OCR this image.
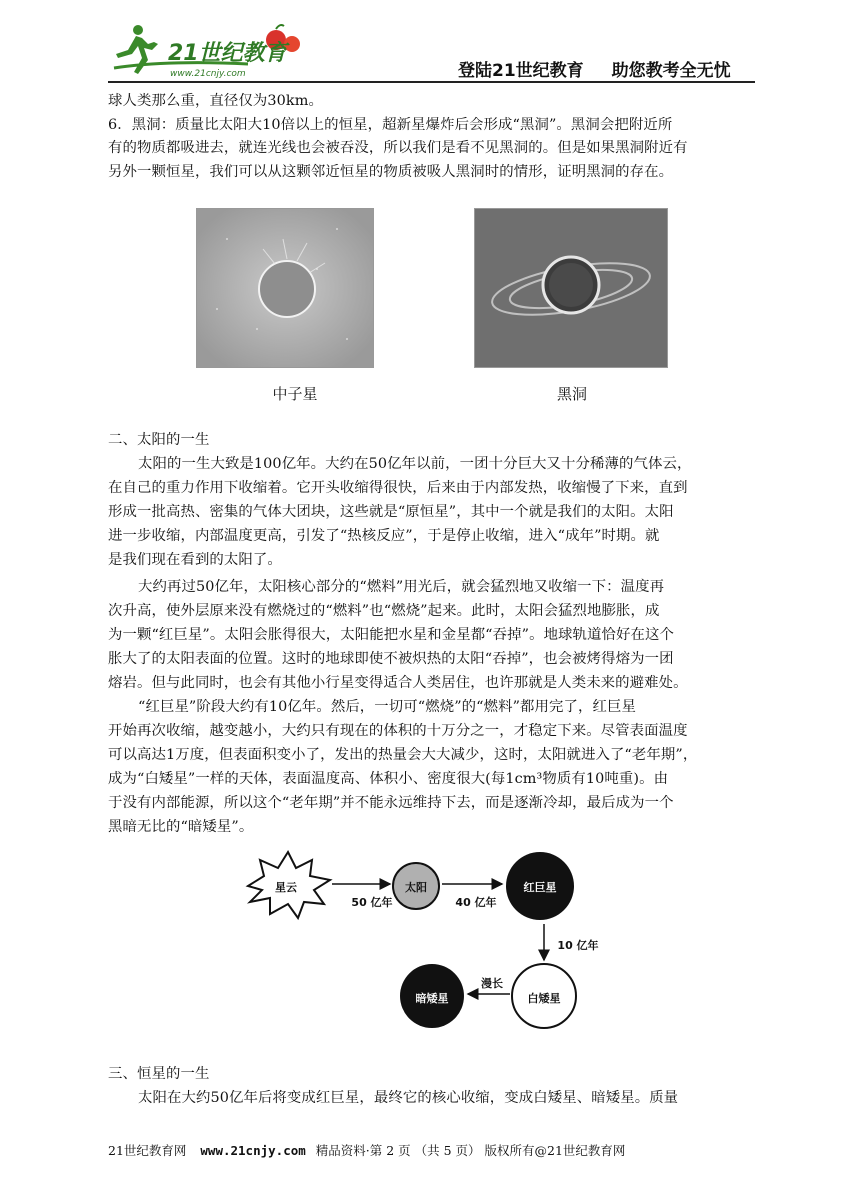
21世纪教育
www.21cnjy.com	登陆21世纪教育 助您教考全无忧
球人类那么重，直径仅为30km。
6．黑洞：质量比太阳大10倍以上的恒星，超新星爆炸后会形成“黑洞”。黑洞会把附近所
有的物质都吸进去，就连光线也会被吞没，所以我们是看不见黑洞的。但是如果黑洞附近有
另外一颗恒星，我们可以从这颗邻近恒星的物质被吸人黑洞时的情形，证明黑洞的存在。
中子星	黑洞
二、太阳的一生
太阳的一生大致是100亿年。大约在50亿年以前，一团十分巨大又十分稀薄的气体云，
在自己的重力作用下收缩着。它开头收缩得很快，后来由于内部发热，收缩慢了下来，直到
形成一批高热、密集的气体大团块，这些就是“原恒星”，其中一个就是我们的太阳。太阳
进一步收缩，内部温度更高，引发了“热核反应”，于是停止收缩，进入“成年”时期。就
是我们现在看到的太阳了。
大约再过50亿年，太阳核心部分的“燃料”用光后，就会猛烈地又收缩一下：温度再
次升高，使外层原来没有燃烧过的“燃料”也“燃烧”起来。此时，太阳会猛烈地膨胀，成
为一颗“红巨星”。太阳会胀得很大，太阳能把水星和金星都“吞掉”。地球轨道恰好在这个
胀大了的太阳表面的位置。这时的地球即使不被炽热的太阳“吞掉”，也会被烤得熔为一团
熔岩。但与此同时，也会有其他小行星变得适合人类居住，也许那就是人类未来的避难处。
“红巨星”阶段大约有10亿年。然后，一切可“燃烧”的“燃料”都用完了，红巨星
开始再次收缩，越变越小，大约只有现在的体积的十万分之一，才稳定下来。尽管表面温度
可以高达1万度，但表面积变小了，发出的热量会大大减少，这时，太阳就进入了“老年期”，
成为“白矮星”一样的天体，表面温度高、体积小、密度很大(每1cm³物质有10吨重)。由
于没有内部能源，所以这个“老年期”并不能永远维持下去，而是逐渐冷却，最后成为一个
黑暗无比的“暗矮星”。
星云	太阳	红巨星
白矮星
暗矮星
50 亿年	40 亿年
10 亿年
漫长
三、恒星的一生
太阳在大约50亿年后将变成红巨星，最终它的核心收缩，变成白矮星、暗矮星。质量
21世纪教育网 www.21cnjy.com 精品资料·第 2 页 （共 5 页） 版权所有@21世纪教育网
